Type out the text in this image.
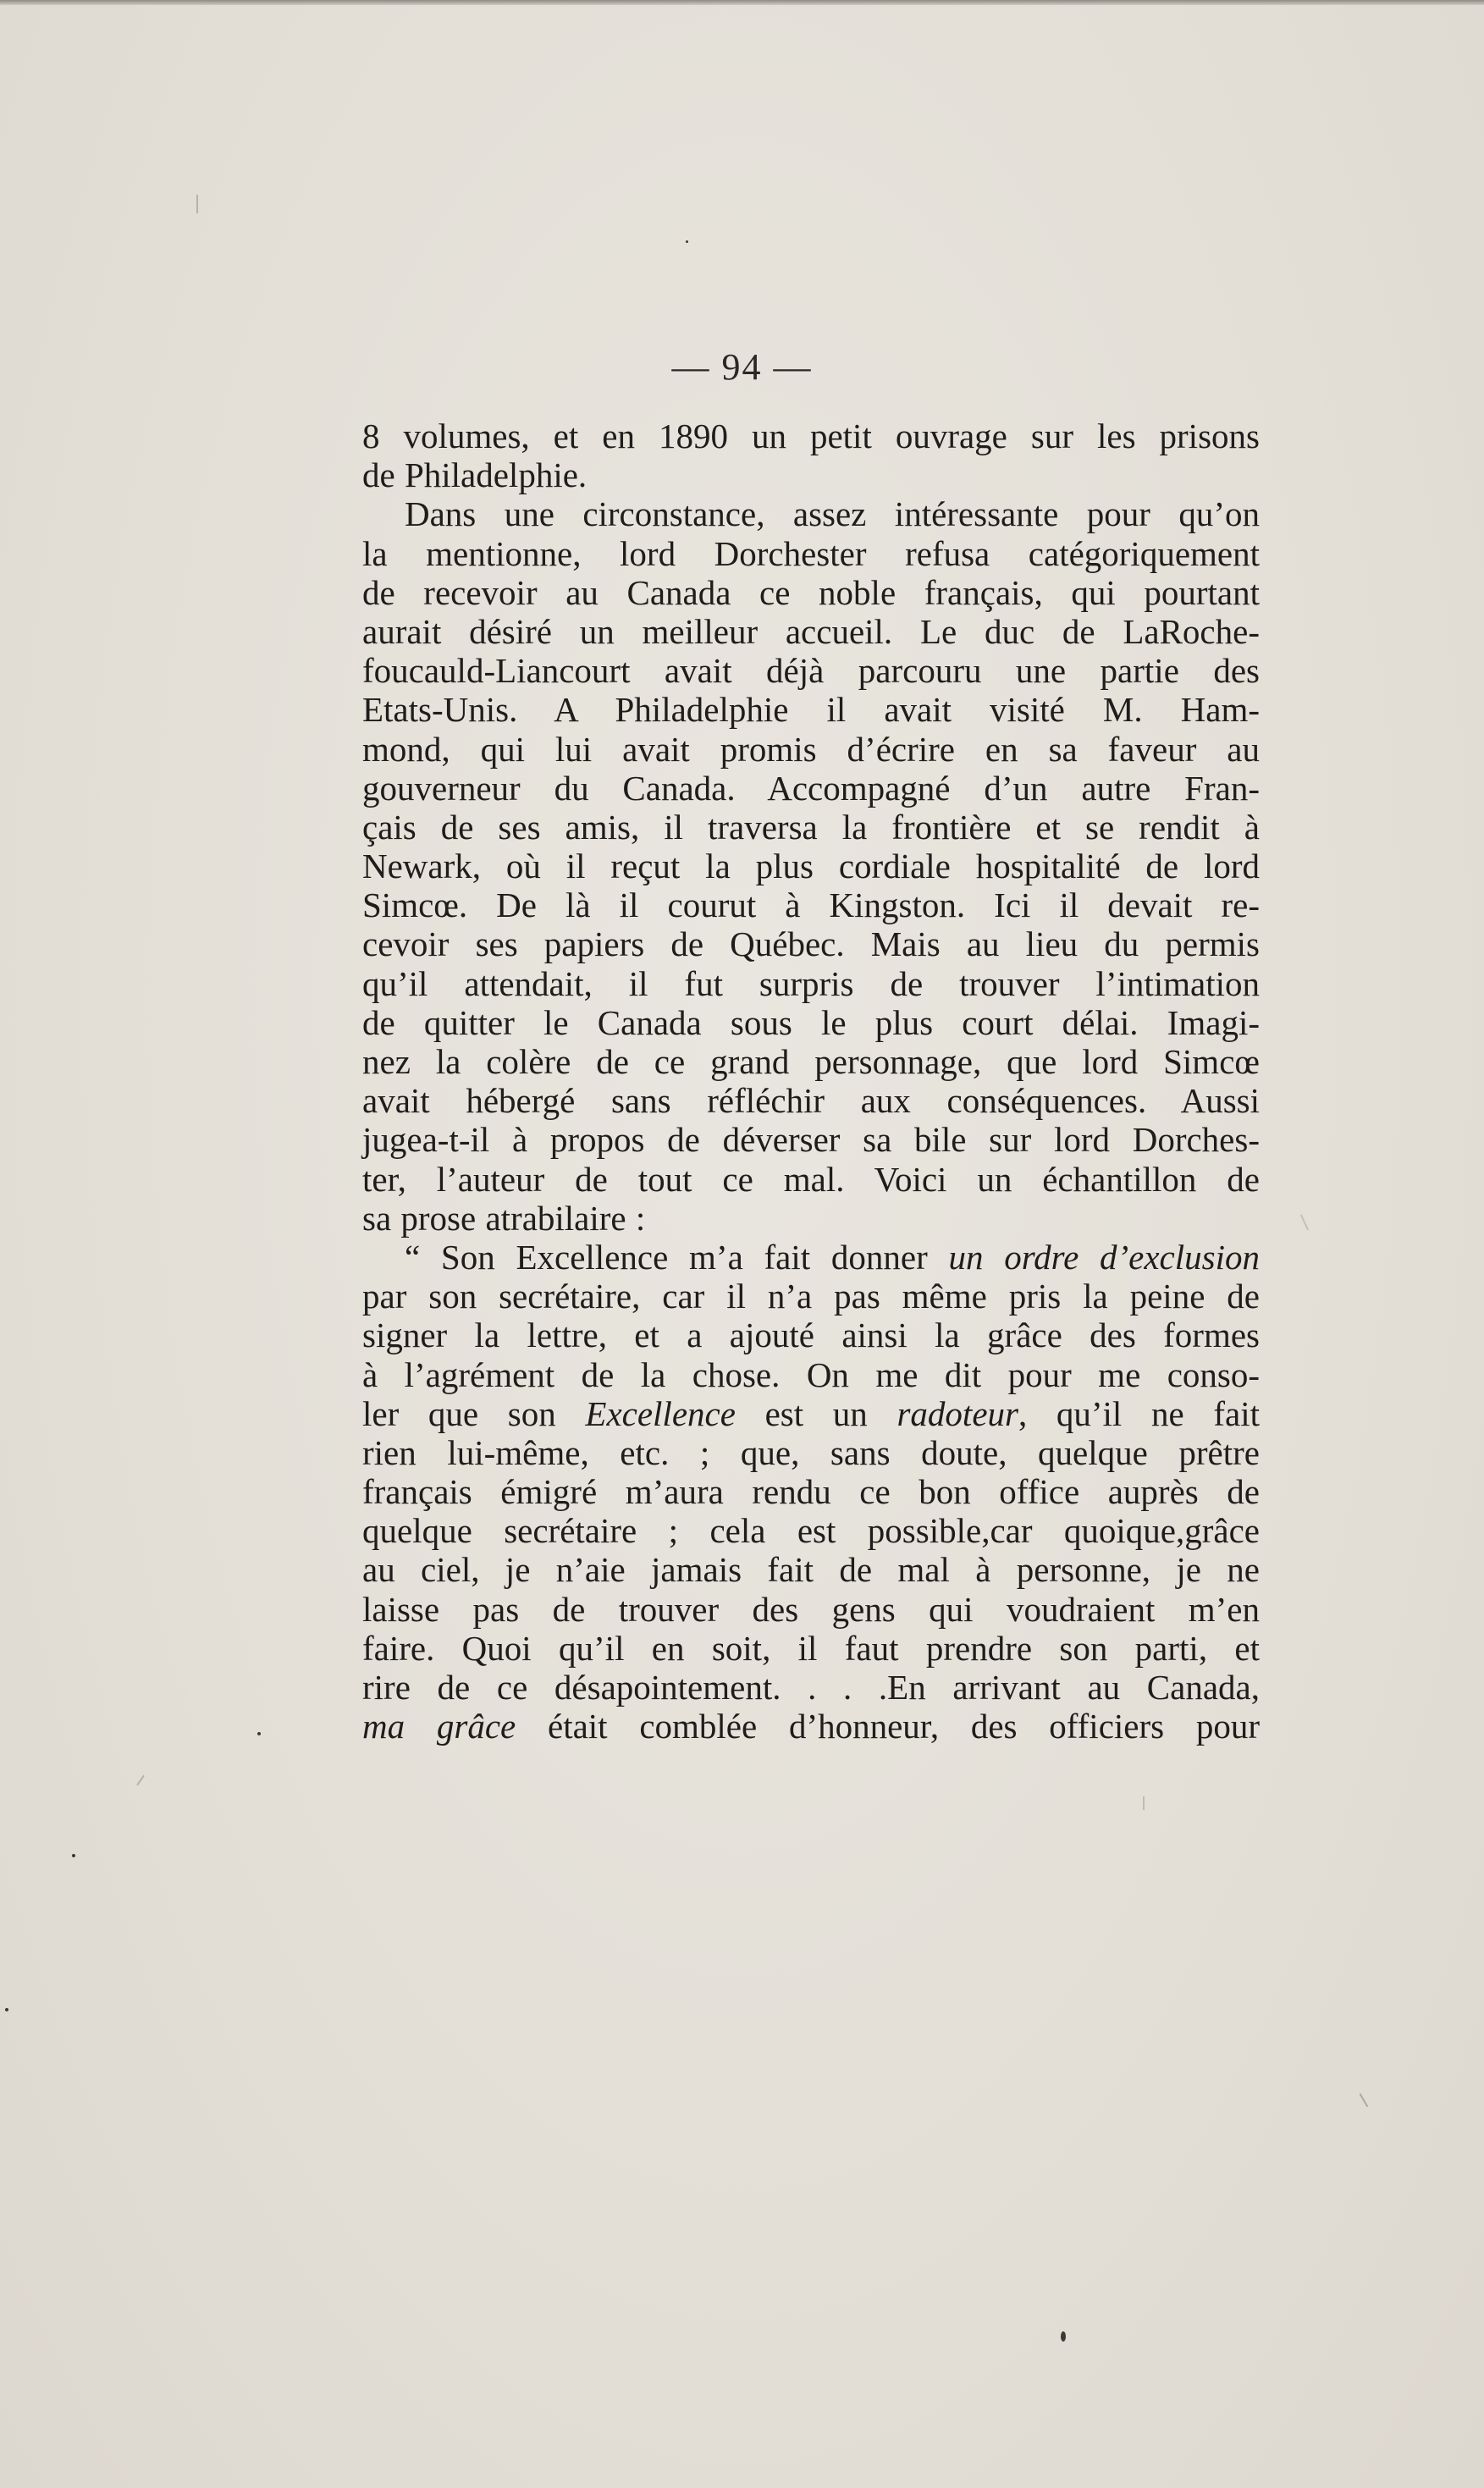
— 94 —
8 volumes, et en 1890 un petit ouvrage sur les prisons
de Philadelphie.
Dans une circonstance, assez intéressante pour qu’on
la mentionne, lord Dorchester refusa catégoriquement
de recevoir au Canada ce noble français, qui pourtant
aurait désiré un meilleur accueil. Le duc de LaRoche-
foucauld-Liancourt avait déjà parcouru une partie des
Etats-Unis. A Philadelphie il avait visité M. Ham-
mond, qui lui avait promis d’écrire en sa faveur au
gouverneur du Canada. Accompagné d’un autre Fran-
çais de ses amis, il traversa la frontière et se rendit à
Newark, où il reçut la plus cordiale hospitalité de lord
Simcœ. De là il courut à Kingston. Ici il devait re-
cevoir ses papiers de Québec. Mais au lieu du permis
qu’il attendait, il fut surpris de trouver l’intimation
de quitter le Canada sous le plus court délai. Imagi-
nez la colère de ce grand personnage, que lord Simcœ
avait hébergé sans réfléchir aux conséquences. Aussi
jugea-t-il à propos de déverser sa bile sur lord Dorches-
ter, l’auteur de tout ce mal. Voici un échantillon de
sa prose atrabilaire :
“ Son Excellence m’a fait donner un ordre d’exclusion
par son secrétaire, car il n’a pas même pris la peine de
signer la lettre, et a ajouté ainsi la grâce des formes
à l’agrément de la chose. On me dit pour me conso-
ler que son Excellence est un radoteur, qu’il ne fait
rien lui-même, etc. ; que, sans doute, quelque prêtre
français émigré m’aura rendu ce bon office auprès de
quelque secrétaire ; cela est possible,car quoique,grâce
au ciel, je n’aie jamais fait de mal à personne, je ne
laisse pas de trouver des gens qui voudraient m’en
faire. Quoi qu’il en soit, il faut prendre son parti, et
rire de ce désapointement. . . .En arrivant au Canada,
ma grâce était comblée d’honneur, des officiers pour
